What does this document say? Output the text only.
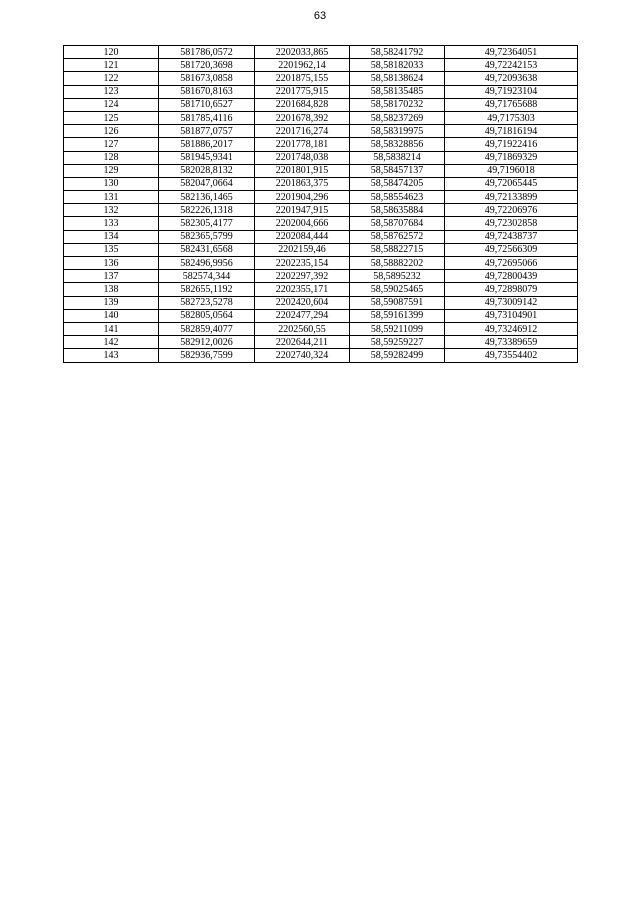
63
120	581786,0572	2202033,865	58,58241792	49,72364051
121	581720,3698	2201962,14	58,58182033	49,72242153
122	581673,0858	2201875,155	58,58138624	49,72093638
123	581670,8163	2201775,915	58,58135485	49,71923104
124	581710,6527	2201684,828	58,58170232	49,71765688
125	581785,4116	2201678,392	58,58237269	49,7175303
126	581877,0757	2201716,274	58,58319975	49,71816194
127	581886,2017	2201778,181	58,58328856	49,71922416
128	581945,9341	2201748,038	58,5838214	49,71869329
129	582028,8132	2201801,915	58,58457137	49,7196018
130	582047,0664	2201863,375	58,58474205	49,72065445
131	582136,1465	2201904,296	58,58554623	49,72133899
132	582226,1318	2201947,915	58,58635884	49,72206976
133	582305,4177	2202004,666	58,58707684	49,72302858
134	582365,5799	2202084,444	58,58762572	49,72438737
135	582431,6568	2202159,46	58,58822715	49,72566309
136	582496,9956	2202235,154	58,58882202	49,72695066
137	582574,344	2202297,392	58,5895232	49,72800439
138	582655,1192	2202355,171	58,59025465	49,72898079
139	582723,5278	2202420,604	58,59087591	49,73009142
140	582805,0564	2202477,294	58,59161399	49,73104901
141	582859,4077	2202560,55	58,59211099	49,73246912
142	582912,0026	2202644,211	58,59259227	49,73389659
143	582936,7599	2202740,324	58,59282499	49,73554402
